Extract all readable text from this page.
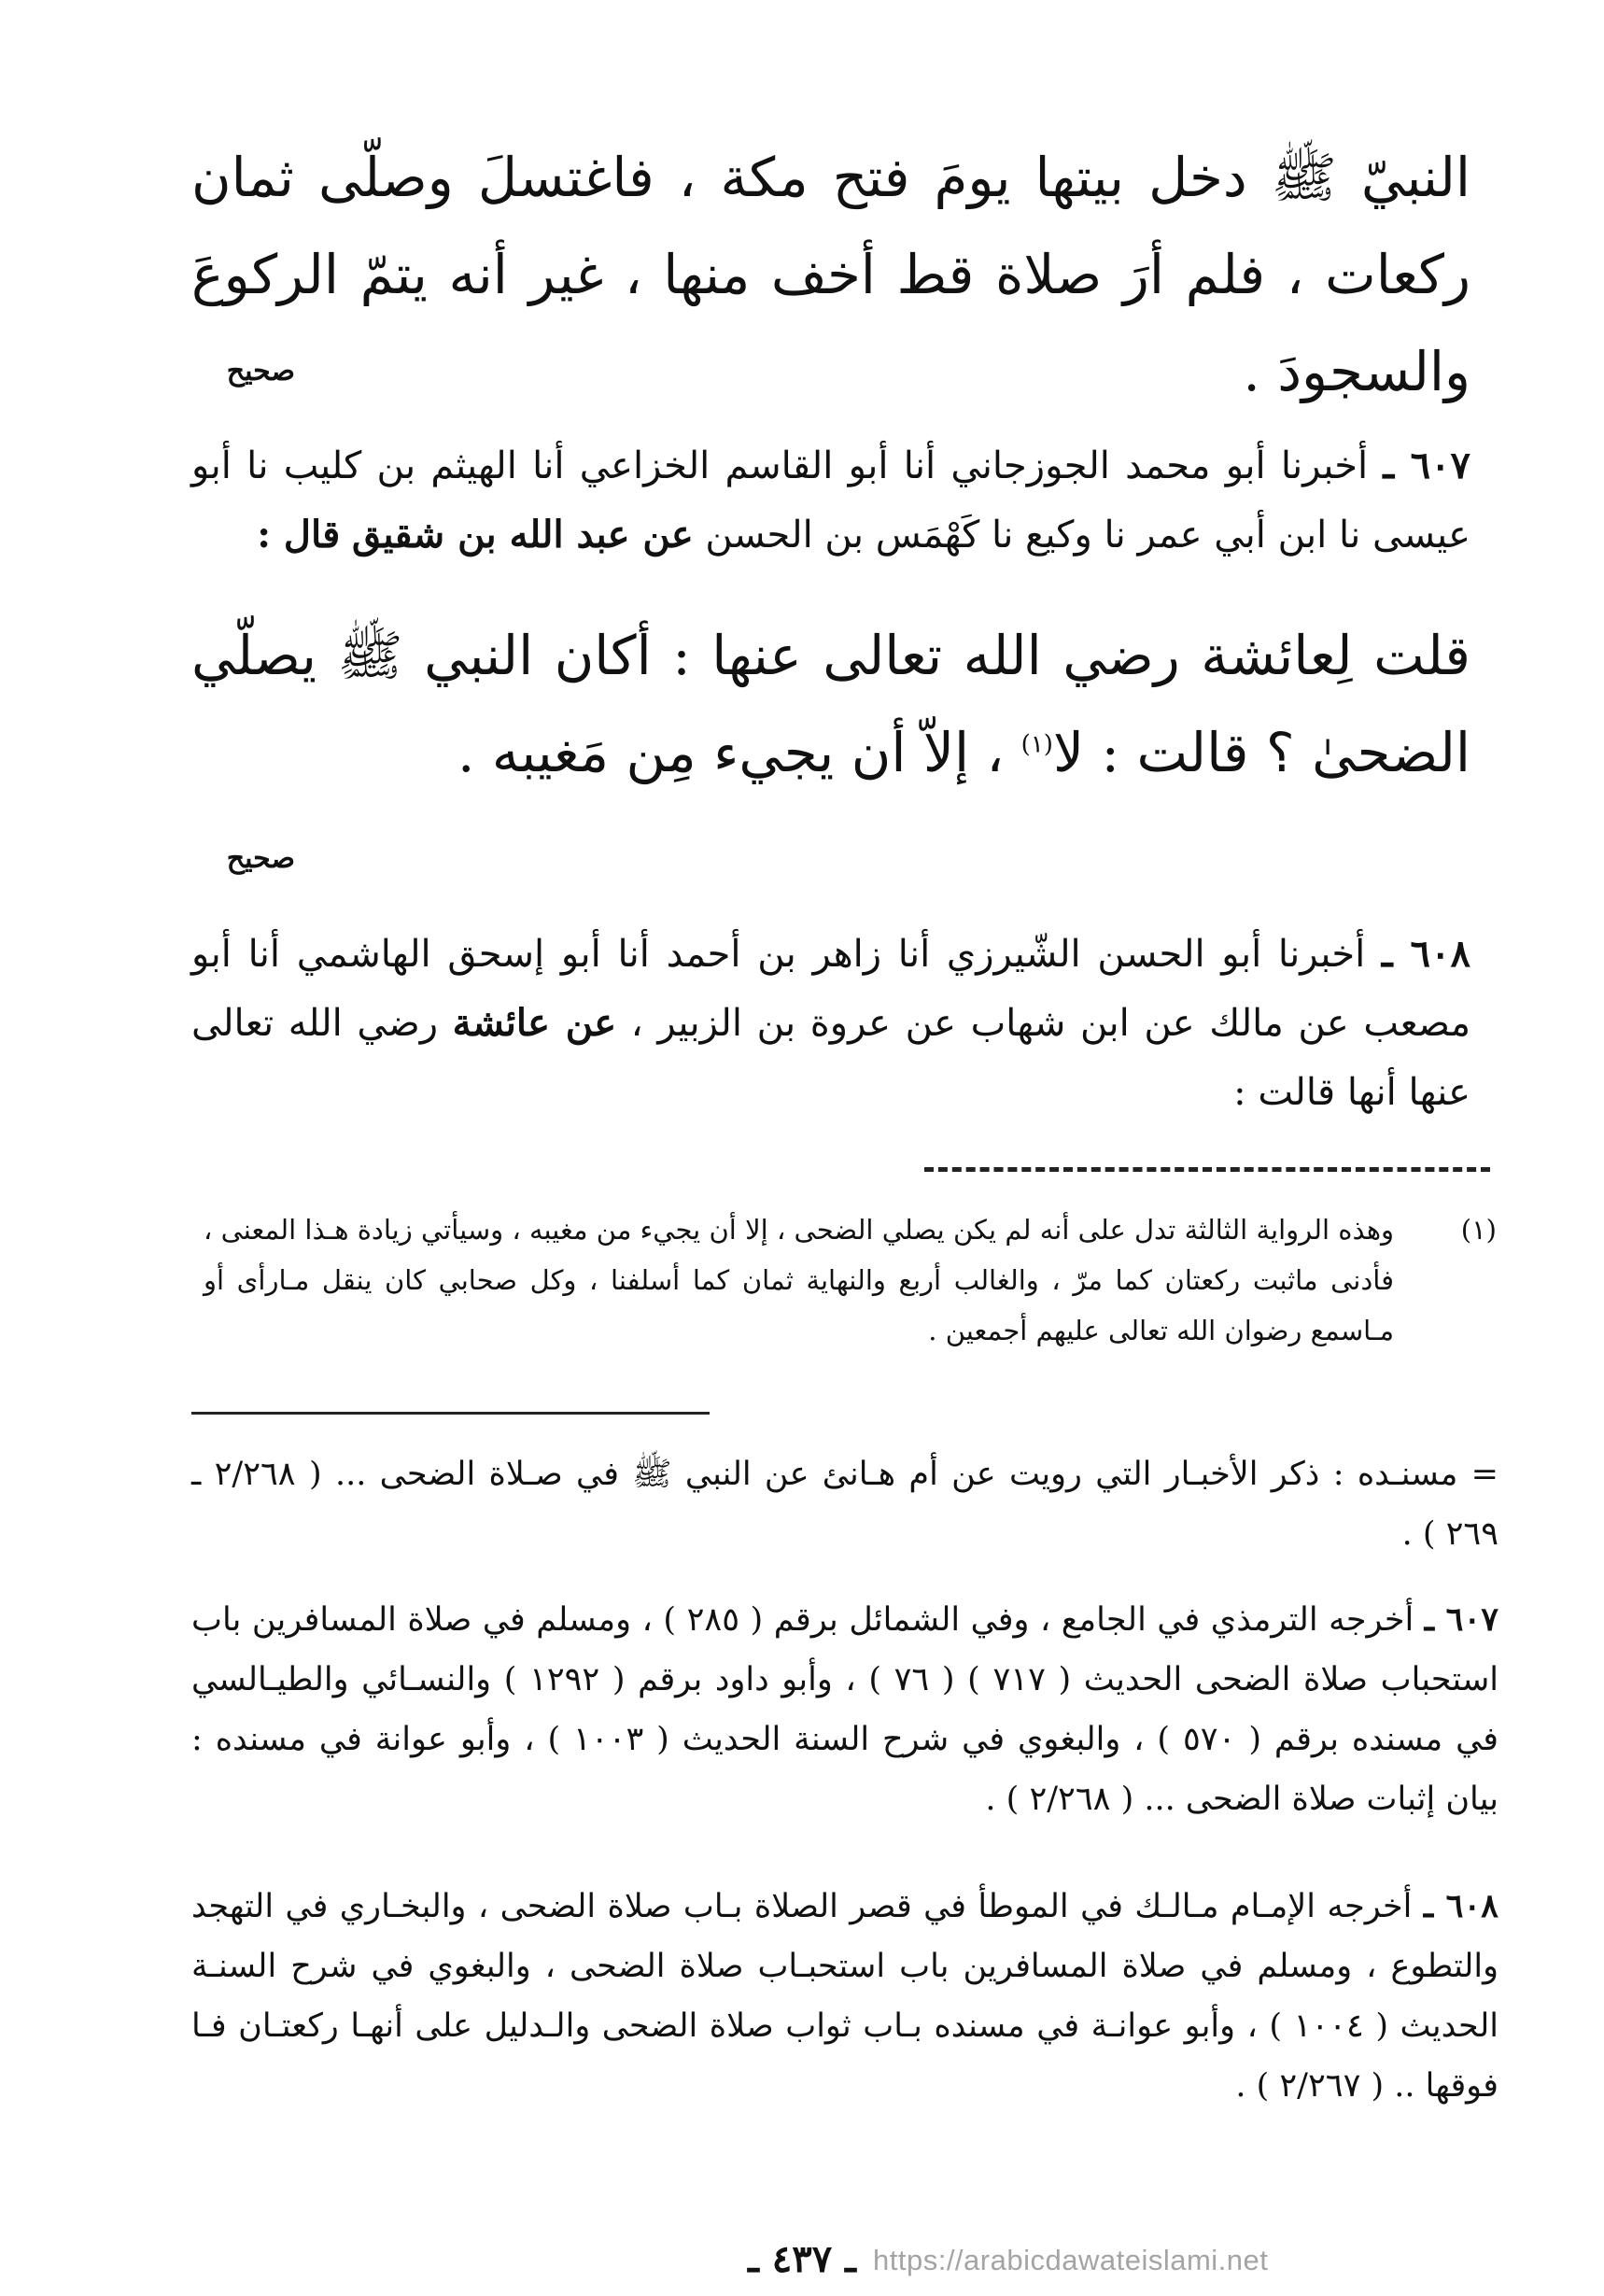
النبيّ ﷺ دخل بيتها يومَ فتح مكة ، فاغتسلَ وصلّى ثمان ركعات ، فلم أرَ صلاة قط أخف منها ، غير أنه يتمّ الركوعَ والسجودَ .
صحيح
٦٠٧ ـ أخبرنا أبو محمد الجوزجاني أنا أبو القاسم الخزاعي أنا الهيثم بن كليب نا أبو عيسى نا ابن أبي عمر نا وكيع نا كَهْمَس بن الحسن عن عبد الله بن شقيق قال :
قلت لِعائشة رضي الله تعالى عنها : أكان النبي ﷺ يصلّي الضحىٰ ؟ قالت : لا$^{(١)}$ ، إلاّ أن يجيء مِن مَغيبه .
صحيح
٦٠٨ ـ أخبرنا أبو الحسن الشّيرزي أنا زاهر بن أحمد أنا أبو إسحق الهاشمي أنا أبو مصعب عن مالك عن ابن شهاب عن عروة بن الزبير ، عن عائشة رضي الله تعالى عنها أنها قالت :
(١)
وهذه الرواية الثالثة تدل على أنه لم يكن يصلي الضحى ، إلا أن يجيء من مغيبه ، وسيأتي زيادة هـذا المعنى ، فأدنى ماثبت ركعتان كما مرّ ، والغالب أربع والنهاية ثمان كما أسلفنا ، وكل صحابي كان ينقل مـارأى أو مـاسمع رضوان الله تعالى عليهم أجمعين .
= مسنـده : ذكر الأخبـار التي رويت عن أم هـانئ عن النبي ﷺ في صـلاة الضحى ... ( ٢/٢٦٨ ـ ٢٦٩ ) .
٦٠٧ ـ أخرجه الترمذي في الجامع ، وفي الشمائل برقم ( ٢٨٥ ) ، ومسلم في صلاة المسافرين باب استحباب صلاة الضحى الحديث ( ٧١٧ ) ( ٧٦ ) ، وأبو داود برقم ( ١٢٩٢ ) والنسـائي والطيـالسي في مسنده برقم ( ٥٧٠ ) ، والبغوي في شرح السنة الحديث ( ١٠٠٣ ) ، وأبو عوانة في مسنده : بيان إثبات صلاة الضحى ... ( ٢/٢٦٨ ) .
٦٠٨ ـ أخرجه الإمـام مـالـك في الموطأ في قصر الصلاة بـاب صلاة الضحى ، والبخـاري في التهجد والتطوع ، ومسلم في صلاة المسافرين باب استحبـاب صلاة الضحى ، والبغوي في شرح السنـة الحديث ( ١٠٠٤ ) ، وأبو عوانـة في مسنده بـاب ثواب صلاة الضحى والـدليل على أنهـا ركعتـان فـا فوقها .. ( ٢/٢٦٧ ) .
ـ ٤٣٧ ـ https://arabicdawateislami.net
